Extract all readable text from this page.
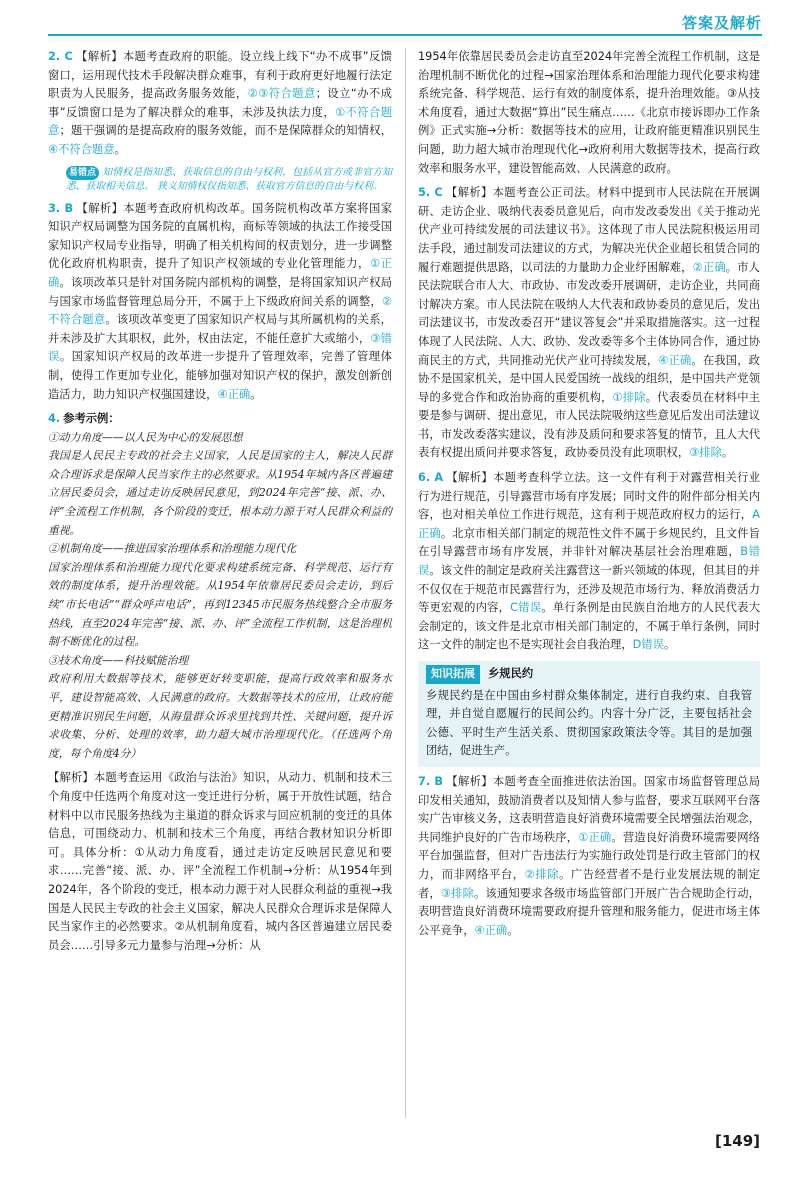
答案及解析

2. C 【解析】本题考查政府的职能。设立线上线下“办不成事”反馈窗口，运用现代技术手段解决群众难事，有利于政府更好地履行法定职责为人民服务，提高政务服务效能，②③符合题意；设立“办不成事”反馈窗口是为了解决群众的难事，未涉及执法力度，①不符合题意；题干强调的是提高政府的服务效能，而不是保障群众的知情权，④不符合题意。

易错点 知情权是指知悉、获取信息的自由与权利，包括从官方或非官方知悉、获取相关信息。 狭义知情权仅指知悉、获取官方信息的自由与权利。

3. B 【解析】本题考查政府机构改革。国务院机构改革方案将国家知识产权局调整为国务院的直属机构，商标等领域的执法工作接受国家知识产权局专业指导，明确了相关机构间的权责划分，进一步调整优化政府机构职责，提升了知识产权领域的专业化管理能力，①正确。该项改革只是针对国务院内部机构的调整，是将国家知识产权局与国家市场监督管理总局分开，不属于上下级政府间关系的调整，②不符合题意。该项改革变更了国家知识产权局与其所属机构的关系，并未涉及扩大其职权，此外，权由法定，不能任意扩大或缩小，③错误。国家知识产权局的改革进一步提升了管理效率，完善了管理体制，使得工作更加专业化，能够加强对知识产权的保护，激发创新创造活力，助力知识产权强国建设，④正确。

4. 参考示例：

①动力角度——以人民为中心的发展思想

我国是人民民主专政的社会主义国家，人民是国家的主人，解决人民群众合理诉求是保障人民当家作主的必然要求。从1954年城内各区普遍建立居民委员会，通过走访反映居民意见，到2024年完善“接、派、办、评”全流程工作机制，各个阶段的变迁，根本动力源于对人民群众利益的重视。

②机制角度——推进国家治理体系和治理能力现代化

国家治理体系和治理能力现代化要求构建系统完备、科学规范、运行有效的制度体系，提升治理效能。从1954年依靠居民委员会走访，到后续“市长电话”“群众呼声电话”，再到12345市民服务热线整合全市服务热线，直至2024年完善“接、派、办、评”全流程工作机制，这是治理机制不断优化的过程。

③技术角度——科技赋能治理

政府利用大数据等技术，能够更好转变职能，提高行政效率和服务水平，建设智能高效、人民满意的政府。大数据等技术的应用，让政府能更精准识别民生问题，从海量群众诉求里找到共性、关键问题，提升诉求收集、分析、处理的效率，助力超大城市治理现代化。（任选两个角度，每个角度4分）

【解析】本题考查运用《政治与法治》知识，从动力、机制和技术三个角度中任选两个角度对这一变迁进行分析，属于开放性试题，结合材料中以市民服务热线为主巢道的群众诉求与回应机制的变迁的具体信息，可围绕动力、机制和技术三个角度，再结合教材知识分析即可。具体分析：①从动力角度看，通过走访定反映居民意见和要求……完善“接、派、办、评”全流程工作机制→分析：从1954年到2024年，各个阶段的变迁，根本动力源于对人民群众利益的重视→我国是人民民主专政的社会主义国家，解决人民群众合理诉求是保障人民当家作主的必然要求。②从机制角度看，城内各区普遍建立居民委员会……引导多元力量参与治理→分析：从

1954年依靠居民委员会走访直至2024年完善全流程工作机制，这是治理机制不断优化的过程→国家治理体系和治理能力现代化要求构建系统完备、科学规范、运行有效的制度体系，提升治理效能。③从技术角度看，通过大数据“算出”民生痛点……《北京市接诉即办工作条例》正式实施→分析：数据等技术的应用，让政府能更精准识别民生问题，助力超大城市治理现代化→政府利用大数据等技术，提高行政效率和服务水平，建设智能高效、人民满意的政府。

5. C 【解析】本题考查公正司法。材料中提到市人民法院在开展调研、走访企业、吸纳代表委员意见后，向市发改委发出《关于推动光伏产业可持续发展的司法建议书》。这体现了市人民法院积极运用司法手段，通过制发司法建议的方式，为解决光伏企业超长租赁合同的履行难题提供思路，以司法的力量助力企业纾困解难，②正确。市人民法院联合市人大、市政协、市发改委开展调研，走访企业，共同商讨解决方案。市人民法院在吸纳人大代表和政协委员的意见后，发出司法建议书，市发改委召开“建议答复会”并采取措施落实。这一过程体现了人民法院、人大、政协、发改委等多个主体协同合作，通过协商民主的方式，共同推动光伏产业可持续发展，④正确。在我国，政协不是国家机关，是中国人民爱国统一战线的组织，是中国共产党领导的多党合作和政治协商的重要机构，①排除。代表委员在材料中主要是参与调研、提出意见，市人民法院吸纳这些意见后发出司法建议书，市发改委落实建议，没有涉及质问和要求答复的情节，且人大代表有权提出质问并要求答复，政协委员没有此项职权，③排除。

6. A 【解析】本题考查科学立法。这一文件有利于对露营相关行业行为进行规范，引导露营市场有序发展；同时文件的附件部分相关内容，也对相关单位工作进行规范，这有利于规范政府权力的运行，A正确。北京市相关部门制定的规范性文件不属于乡规民约，且文件旨在引导露营市场有序发展，并非针对解决基层社会治理难题，B错误。该文件的制定是政府关注露营这一新兴领域的体现，但其目的并不仅仅在于规范市民露营行为，还涉及规范市场行为、释放消费活力等更宏观的内容，C错误。单行条例是由民族自治地方的人民代表大会制定的，该文件是北京市相关部门制定的，不属于单行条例，同时这一文件的制定也不是实现社会自我治理，D错误。

知识拓展	乡规民约

乡规民约是在中国由乡村群众集体制定，进行自我约束、自我管理，并自觉自愿履行的民间公约。内容十分广泛，主要包括社会公德、平时生产生活关系、贯彻国家政策法令等。其目的是加强团结，促进生产。

7. B 【解析】本题考查全面推进依法治国。国家市场监督管理总局印发相关通知，鼓励消费者以及知情人参与监督，要求互联网平台落实广告审核义务，这表明营造良好消费环境需要全民增强法治观念，共同维护良好的广告市场秩序，①正确。营造良好消费环境需要网络平台加强监督，但对广告违法行为实施行政处罚是行政主管部门的权力，而非网络平台，②排除。广告经营者不是行业发展法规的制定者，③排除。该通知要求各级市场监管部门开展广告合规助企行动，表明营造良好消费环境需要政府提升管理和服务能力，促进市场主体公平竞争，④正确。

[149]
